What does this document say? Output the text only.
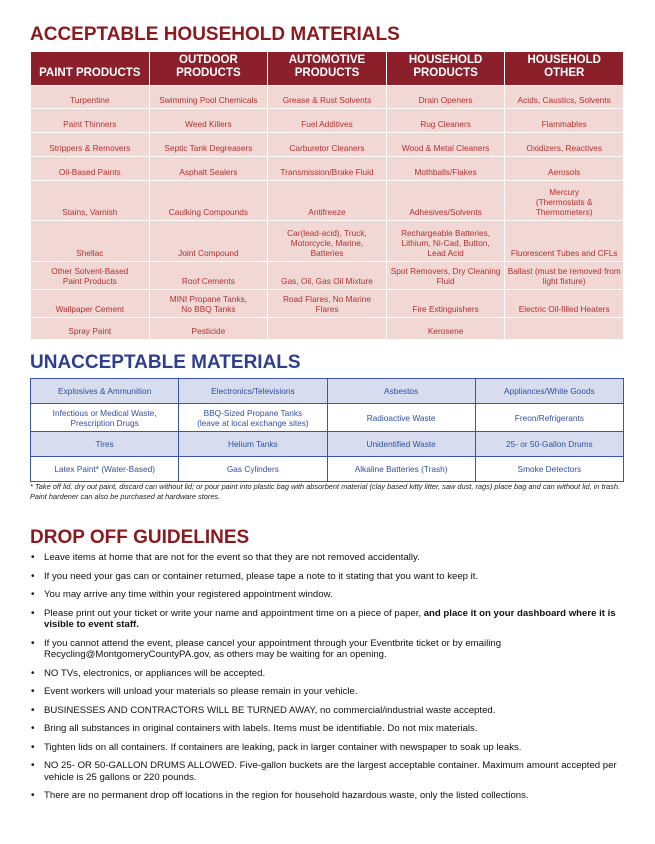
ACCEPTABLE HOUSEHOLD MATERIALS
PAINT PRODUCTS	OUTDOOR PRODUCTS	AUTOMOTIVE PRODUCTS	HOUSEHOLD PRODUCTS	HOUSEHOLD OTHER
Turpentine	Swimming Pool Chemicals	Grease & Rust Solvents	Drain Openers	Acids, Caustics, Solvents
Paint Thinners	Weed Killers	Fuel Additives	Rug Cleaners	Flammables
Strippers & Removers	Septic Tank Degreasers	Carburetor Cleaners	Wood & Metal Cleaners	Oxidizers, Reactives
Oil-Based Paints	Asphalt Sealers	Transmission/Brake Fluid	Mothballs/Flakes	Aerosols
Stains, Varnish	Caulking Compounds	Antifreeze	Adhesives/Solvents	Mercury (Thermostats & Thermometers)
Shellac	Joint Compound	Car(lead-acid), Truck, Motorcycle, Marine, Batteries	Rechargeable Batteries, Lithium, Ni-Cad, Button, Lead Acid	Fluorescent Tubes and CFLs
Other Solvent-Based Paint Products	Roof Cements	Gas, Oil, Gas Oil Mixture	Spot Removers, Dry Cleaning Fluid	Ballast (must be removed from light fixture)
Wallpaper Cement	MINI Propane Tanks, No BBQ Tanks	Road Flares, No Marine Flares	Fire Extinguishers	Electric Oil-filled Heaters
Spray Paint	Pesticide		Kerosene	
UNACCEPTABLE MATERIALS
Explosives & Ammunition	Electronics/Televisions	Asbestos	Appliances/White Goods
Infectious or Medical Waste, Prescription Drugs	BBQ-Sized Propane Tanks (leave at local exchange sites)	Radioactive Waste	Freon/Refrigerants
Tires	Helium Tanks	Unidentified Waste	25- or 50-Gallon Drums
Latex Paint* (Water-Based)	Gas Cylinders	Alkaline Batteries (Trash)	Smoke Detectors
* Take off lid, dry out paint, discard can without lid; or pour paint into plastic bag with absorbent material (clay based kitty litter, saw dust, rags) place bag and can without lid, in trash. Paint hardener can also be purchased at hardware stores.
DROP OFF GUIDELINES
• Leave items at home that are not for the event so that they are not removed accidentally.
• If you need your gas can or container returned, please tape a note to it stating that you want to keep it.
• You may arrive any time within your registered appointment window.
• Please print out your ticket or write your name and appointment time on a piece of paper, and place it on your dashboard where it is visible to event staff.
• If you cannot attend the event, please cancel your appointment through your Eventbrite ticket or by emailing Recycling@MontgomeryCountyPA.gov, as others may be waiting for an opening.
• NO TVs, electronics, or appliances will be accepted.
• Event workers will unload your materials so please remain in your vehicle.
• BUSINESSES AND CONTRACTORS WILL BE TURNED AWAY, no commercial/industrial waste accepted.
• Bring all substances in original containers with labels. Items must be identifiable. Do not mix materials.
• Tighten lids on all containers. If containers are leaking, pack in larger container with newspaper to soak up leaks.
• NO 25- OR 50-GALLON DRUMS ALLOWED. Five-gallon buckets are the largest acceptable container. Maximum amount accepted per vehicle is 25 gallons or 220 pounds.
• There are no permanent drop off locations in the region for household hazardous waste, only the listed collections.
